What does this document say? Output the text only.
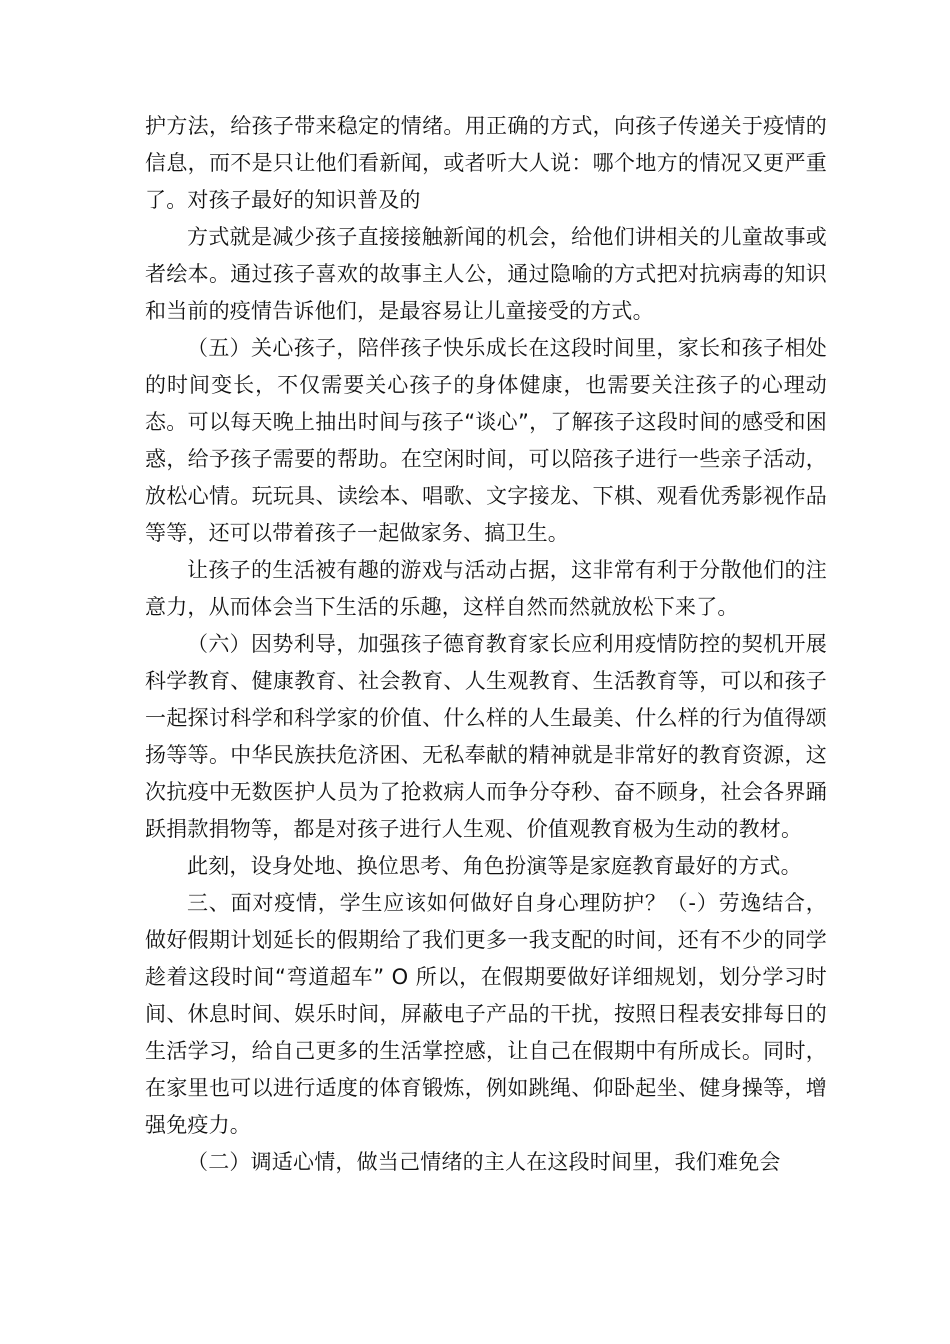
护方法，给孩子带来稳定的情绪。用正确的方式，向孩子传递关于疫情的信息，而不是只让他们看新闻，或者听大人说：哪个地方的情况又更严重了。对孩子最好的知识普及的

方式就是减少孩子直接接触新闻的机会，给他们讲相关的儿童故事或者绘本。通过孩子喜欢的故事主人公，通过隐喻的方式把对抗病毒的知识和当前的疫情告诉他们，是最容易让儿童接受的方式。

（五）关心孩子，陪伴孩子快乐成长在这段时间里，家长和孩子相处的时间变长，不仅需要关心孩子的身体健康，也需要关注孩子的心理动态。可以每天晚上抽出时间与孩子“谈心”，了解孩子这段时间的感受和困惑，给予孩子需要的帮助。在空闲时间，可以陪孩子进行一些亲子活动，放松心情。玩玩具、读绘本、唱歌、文字接龙、下棋、观看优秀影视作品等等，还可以带着孩子一起做家务、搞卫生。

让孩子的生活被有趣的游戏与活动占据，这非常有利于分散他们的注意力，从而体会当下生活的乐趣，这样自然而然就放松下来了。

（六）因势利导，加强孩子德育教育家长应利用疫情防控的契机开展科学教育、健康教育、社会教育、人生观教育、生活教育等，可以和孩子一起探讨科学和科学家的价值、什么样的人生最美、什么样的行为值得颂扬等等。中华民族扶危济困、无私奉献的精神就是非常好的教育资源，这次抗疫中无数医护人员为了抢救病人而争分夺秒、奋不顾身，社会各界踊跃捐款捐物等，都是对孩子进行人生观、价值观教育极为生动的教材。

此刻，设身处地、换位思考、角色扮演等是家庭教育最好的方式。

三、面对疫情，学生应该如何做好自身心理防护？（-）劳逸结合，做好假期计划延长的假期给了我们更多一我支配的时间，还有不少的同学趁着这段时间“弯道超车” O 所以，在假期要做好详细规划，划分学习时间、休息时间、娱乐时间，屏蔽电子产品的干扰，按照日程表安排每日的生活学习，给自己更多的生活掌控感，让自己在假期中有所成长。同时，在家里也可以进行适度的体育锻炼，例如跳绳、仰卧起坐、健身操等，增强免疫力。

（二）调适心情，做当己情绪的主人在这段时间里，我们难免会
